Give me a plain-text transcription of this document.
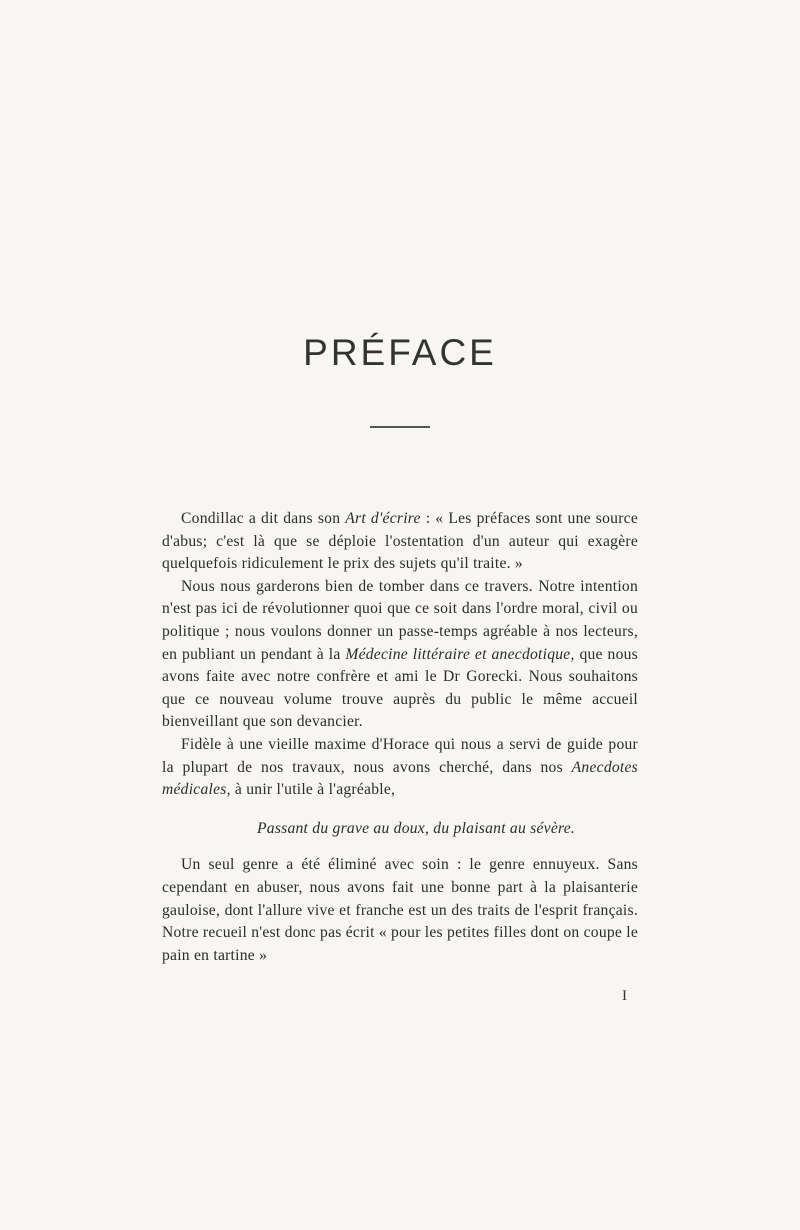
PRÉFACE

Condillac a dit dans son Art d'écrire : « Les préfaces sont une source d'abus; c'est là que se déploie l'ostentation d'un auteur qui exagère quelquefois ridiculement le prix des sujets qu'il traite. »

Nous nous garderons bien de tomber dans ce travers. Notre intention n'est pas ici de révolutionner quoi que ce soit dans l'ordre moral, civil ou politique ; nous voulons donner un passe-temps agréable à nos lecteurs, en publiant un pendant à la Médecine littéraire et anecdotique, que nous avons faite avec notre confrère et ami le Dr Gorecki. Nous souhaitons que ce nouveau volume trouve auprès du public le même accueil bienveillant que son devancier.

Fidèle à une vieille maxime d'Horace qui nous a servi de guide pour la plupart de nos travaux, nous avons cherché, dans nos Anecdotes médicales, à unir l'utile à l'agréable,

Passant du grave au doux, du plaisant au sévère.

Un seul genre a été éliminé avec soin : le genre ennuyeux. Sans cependant en abuser, nous avons fait une bonne part à la plaisanterie gauloise, dont l'allure vive et franche est un des traits de l'esprit français. Notre recueil n'est donc pas écrit « pour les petites filles dont on coupe le pain en tartine »

I
